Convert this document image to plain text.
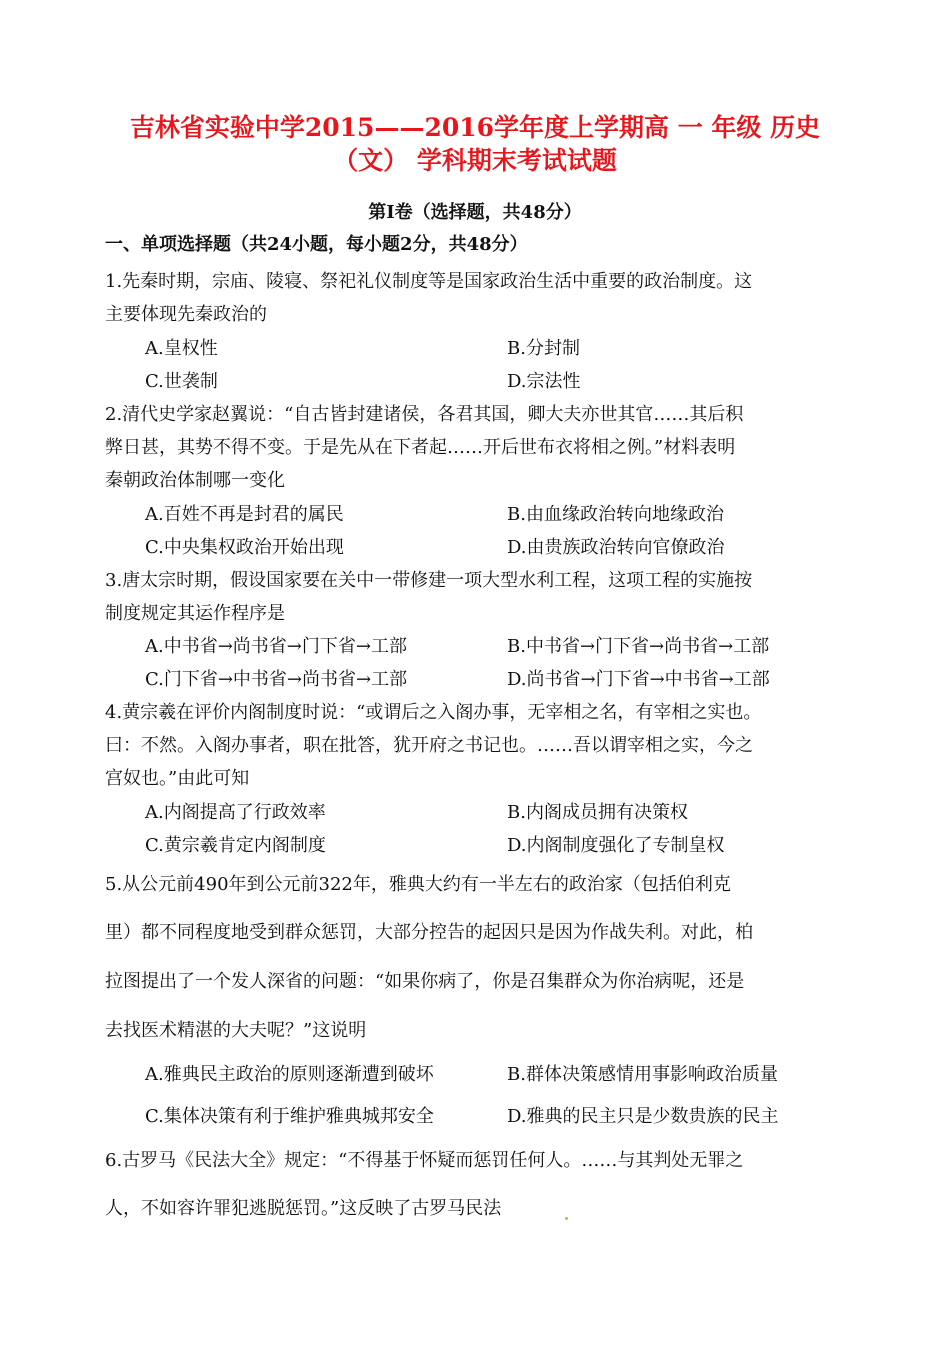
吉林省实验中学2015——2016学年度上学期高 一 年级 历史
（文） 学科期末考试试题
第Ⅰ卷（选择题，共48分）
一、单项选择题（共24小题，每小题2分，共48分）
1.先秦时期，宗庙、陵寝、祭祀礼仪制度等是国家政治生活中重要的政治制度。这
主要体现先秦政治的
A.皇权性	B.分封制
C.世袭制	D.宗法性
2.清代史学家赵翼说：“自古皆封建诸侯，各君其国，卿大夫亦世其官……其后积
弊日甚，其势不得不变。于是先从在下者起……开后世布衣将相之例。”材料表明
秦朝政治体制哪一变化
A.百姓不再是封君的属民	B.由血缘政治转向地缘政治
C.中央集权政治开始出现	D.由贵族政治转向官僚政治
3.唐太宗时期，假设国家要在关中一带修建一项大型水利工程，这项工程的实施按
制度规定其运作程序是
A.中书省→尚书省→门下省→工部	B.中书省→门下省→尚书省→工部
C.门下省→中书省→尚书省→工部	D.尚书省→门下省→中书省→工部
4.黄宗羲在评价内阁制度时说：“或谓后之入阁办事，无宰相之名，有宰相之实也。
曰：不然。入阁办事者，职在批答，犹开府之书记也。……吾以谓宰相之实，今之
宫奴也。”由此可知
A.内阁提高了行政效率	B.内阁成员拥有决策权
C.黄宗羲肯定内阁制度	D.内阁制度强化了专制皇权
5.从公元前490年到公元前322年，雅典大约有一半左右的政治家（包括伯利克
里）都不同程度地受到群众惩罚，大部分控告的起因只是因为作战失利。对此，柏
拉图提出了一个发人深省的问题：“如果你病了，你是召集群众为你治病呢，还是
去找医术精湛的大夫呢？”这说明
A.雅典民主政治的原则逐渐遭到破坏	B.群体决策感情用事影响政治质量
C.集体决策有利于维护雅典城邦安全	D.雅典的民主只是少数贵族的民主
6.古罗马《民法大全》规定：“不得基于怀疑而惩罚任何人。……与其判处无罪之
人，不如容许罪犯逃脱惩罚。”这反映了古罗马民法
